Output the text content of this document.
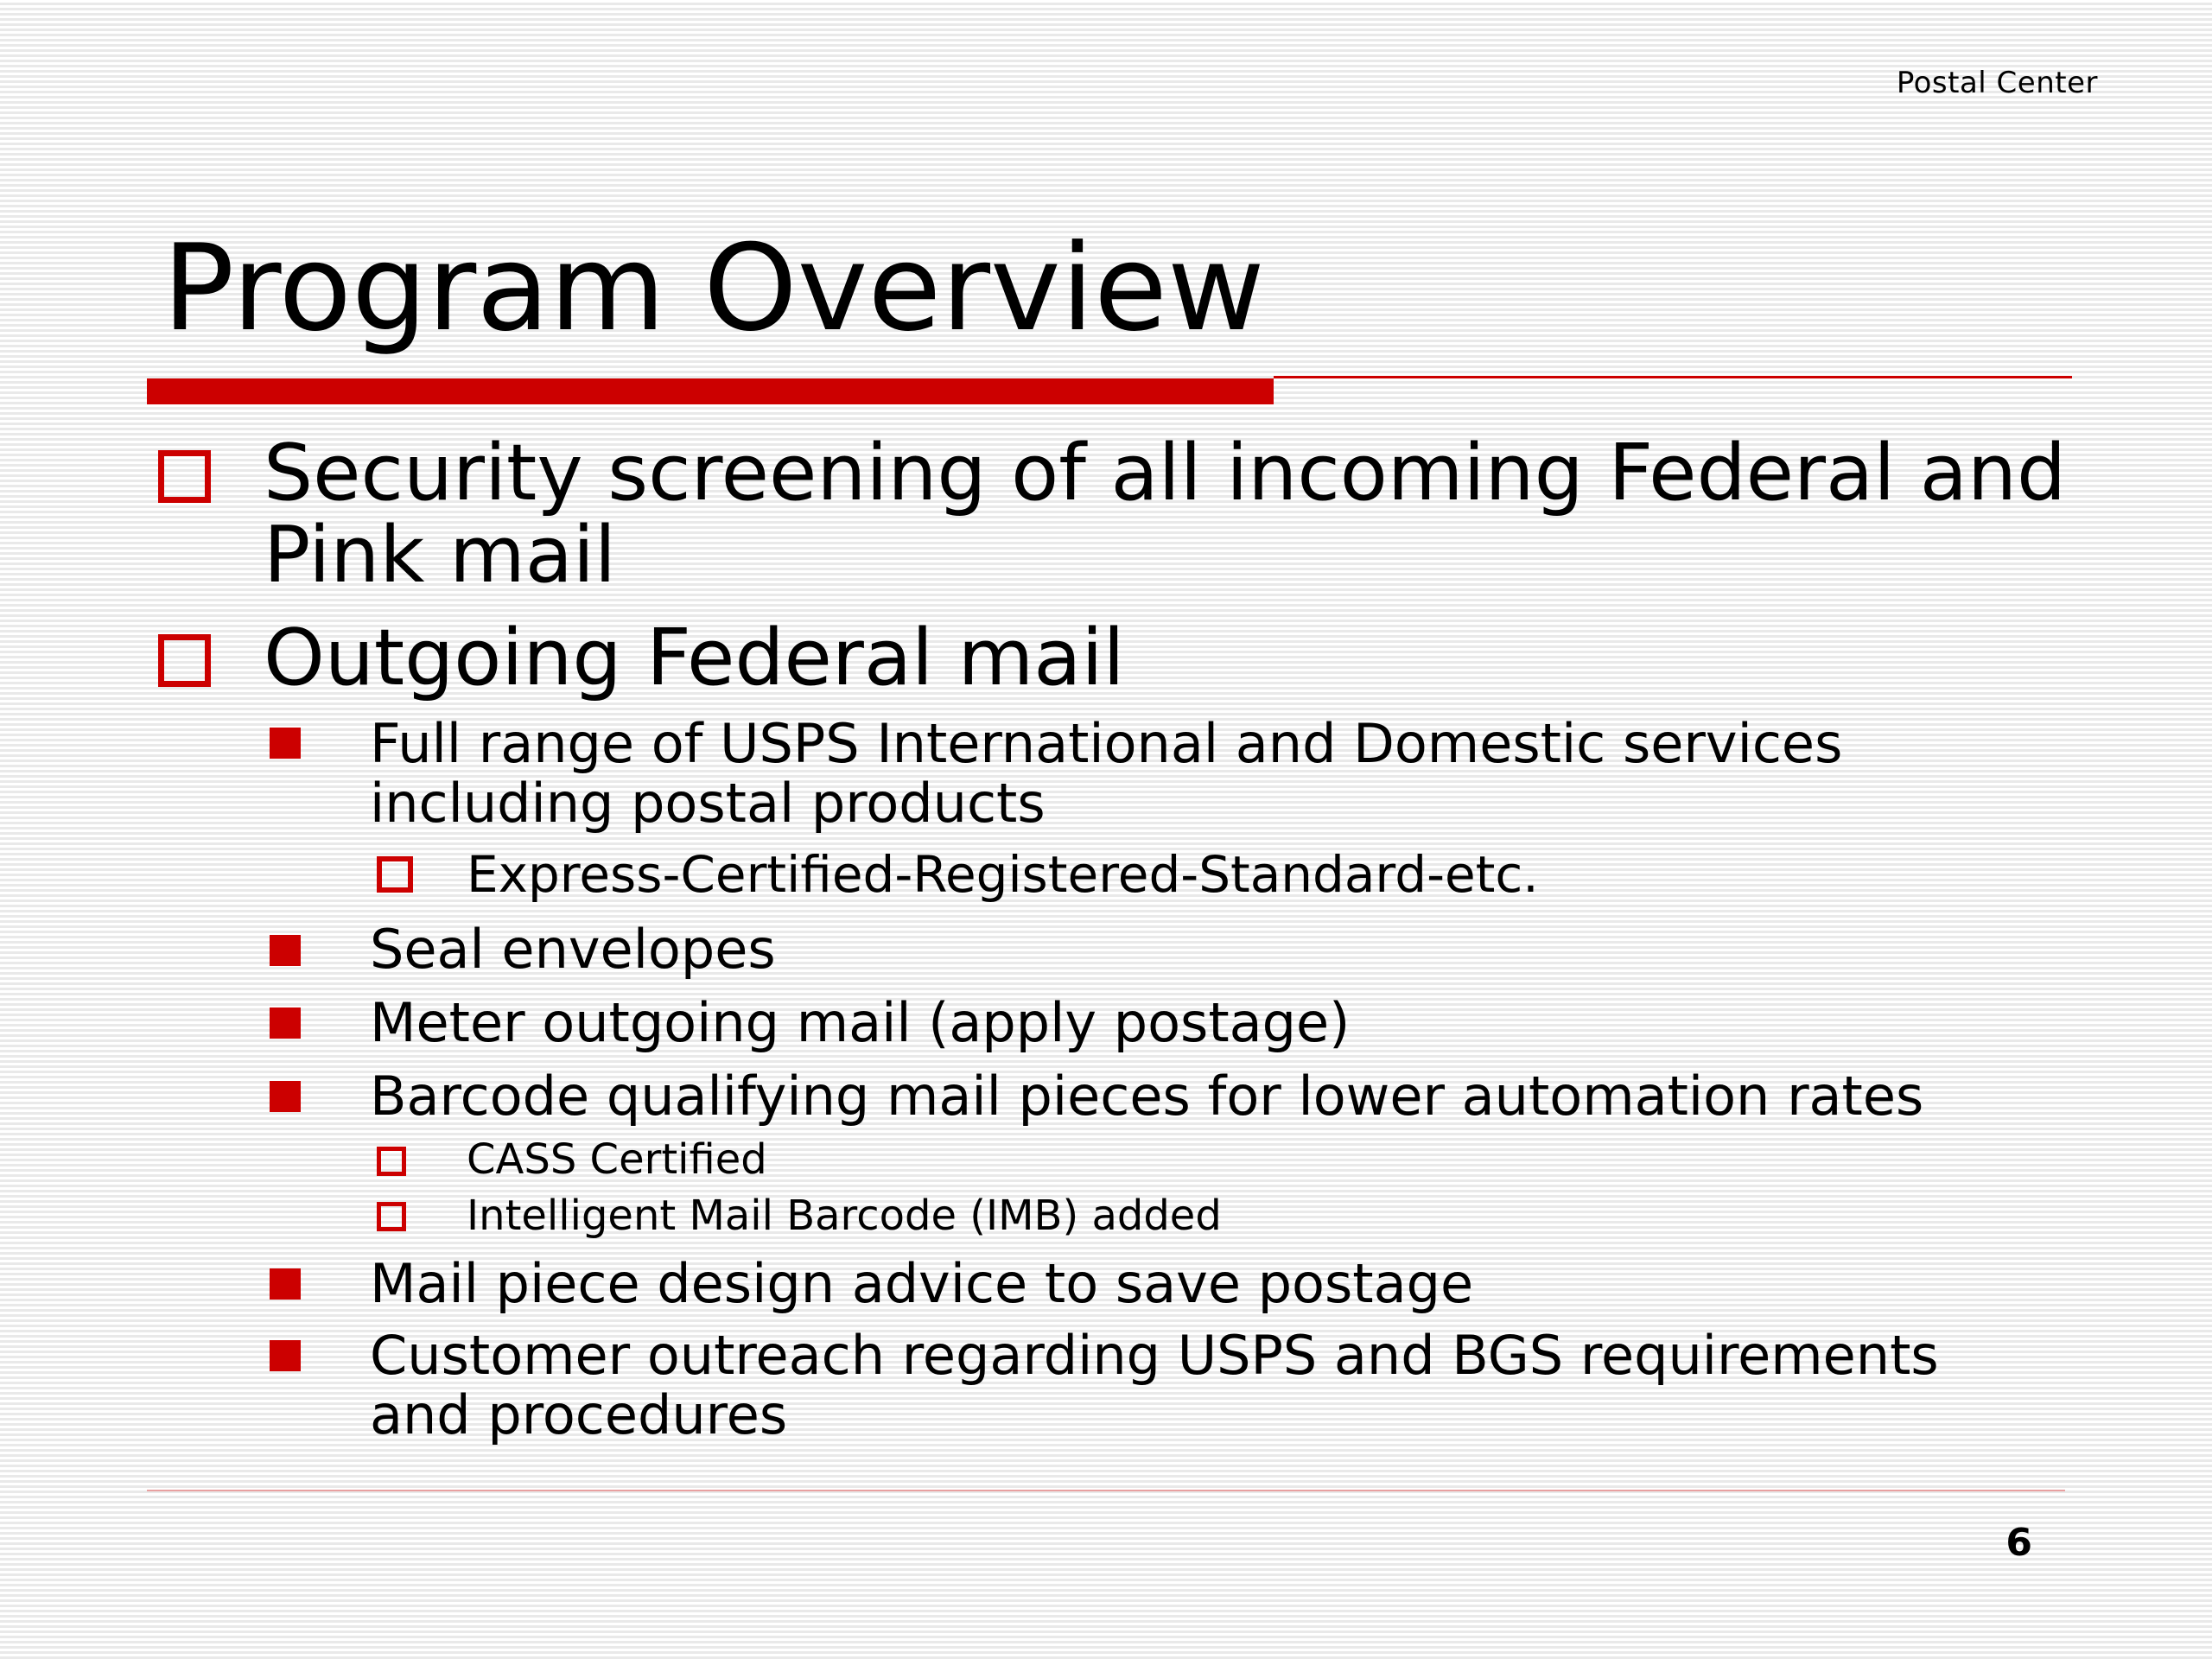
Postal Center
Program Overview
Security screening of all incoming Federal and
Pink mail
Outgoing Federal mail
Full range of USPS International and Domestic services
including postal products
Express-Certified-Registered-Standard-etc.
Seal envelopes
Meter outgoing mail (apply postage)
Barcode qualifying mail pieces for lower automation rates
CASS Certified
Intelligent Mail Barcode (IMB) added
Mail piece design advice to save postage
Customer outreach regarding USPS and BGS requirements
and procedures
6
